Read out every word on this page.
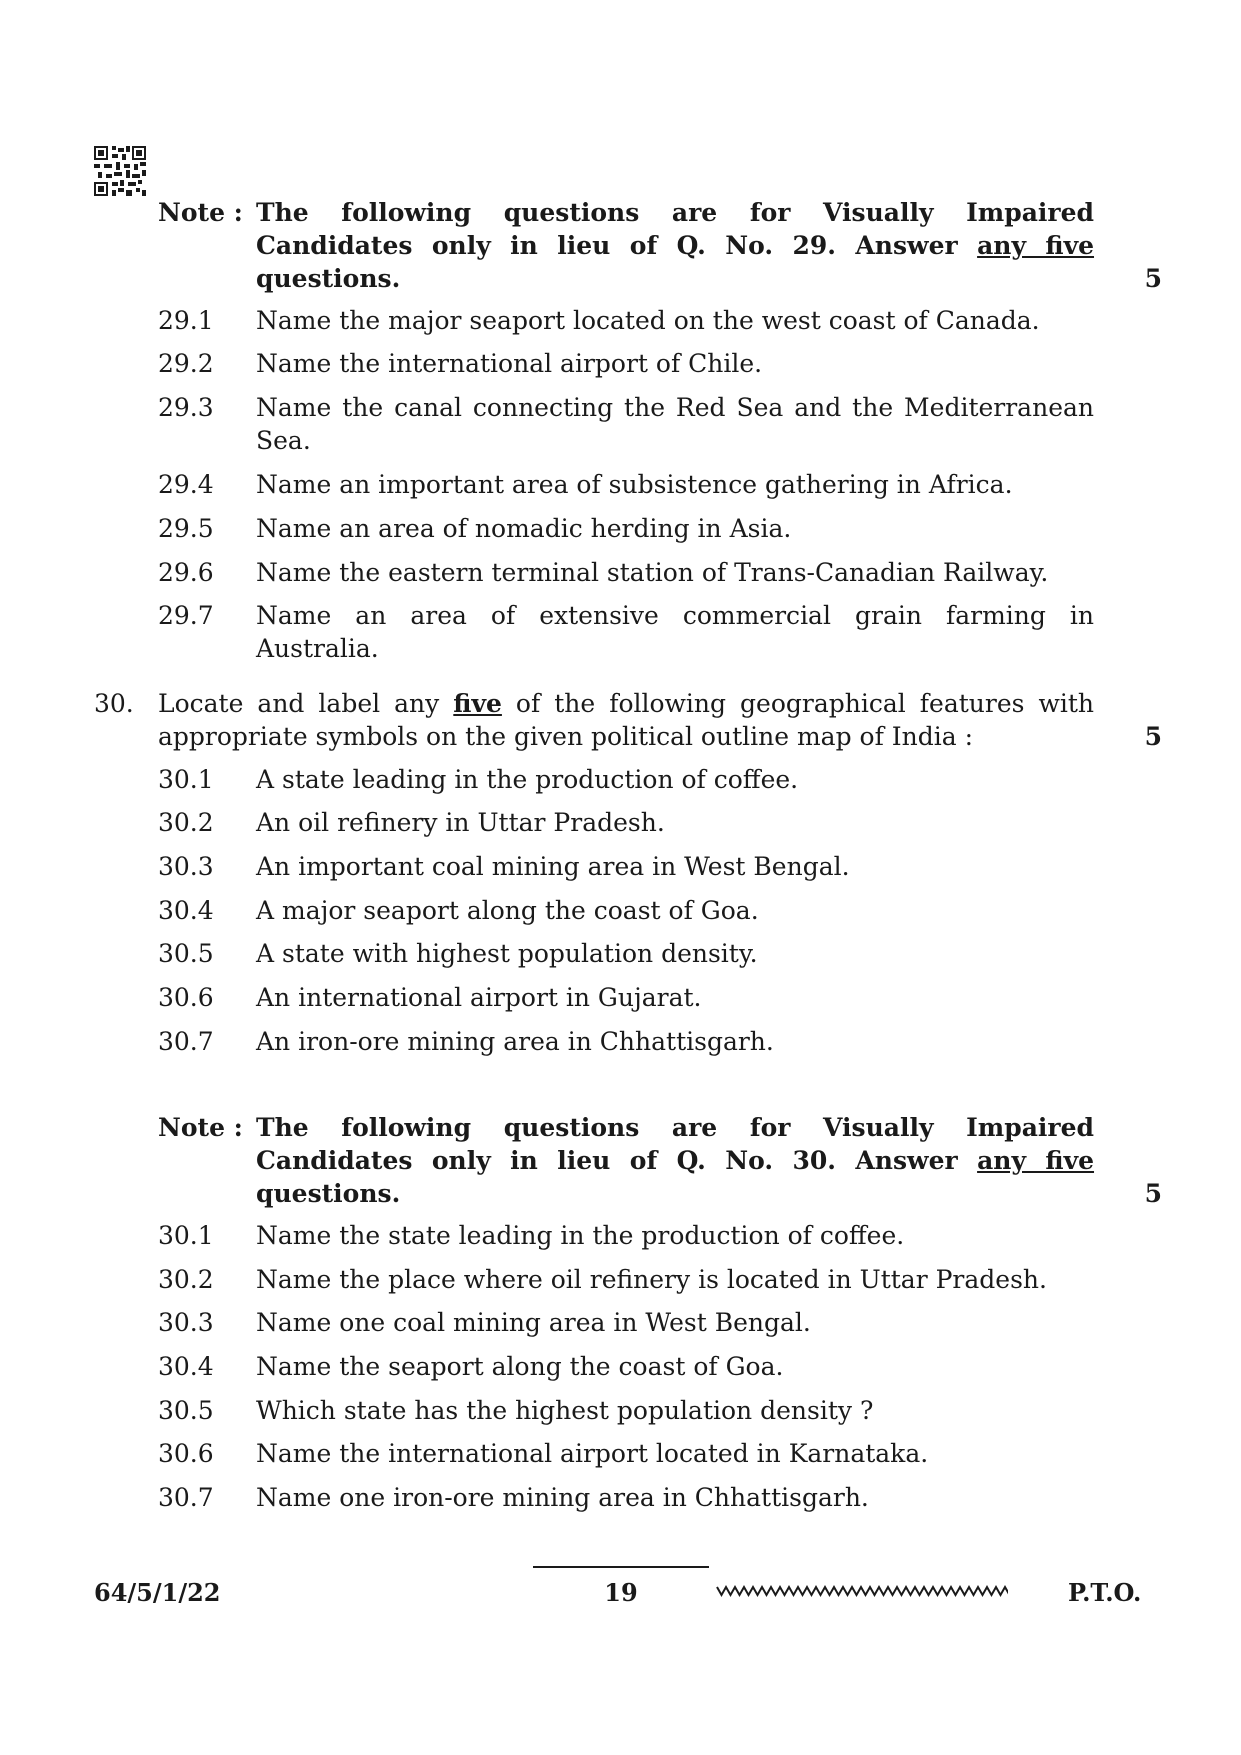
Note : The following questions are for Visually Impaired Candidates only in lieu of Q. No. 29. Answer any five questions.	5
29.1	Name the major seaport located on the west coast of Canada.
29.2	Name the international airport of Chile.
29.3	Name the canal connecting the Red Sea and the Mediterranean Sea.
29.4	Name an important area of subsistence gathering in Africa.
29.5	Name an area of nomadic herding in Asia.
29.6	Name the eastern terminal station of Trans-Canadian Railway.
29.7	Name an area of extensive commercial grain farming in Australia.
30. Locate and label any five of the following geographical features with appropriate symbols on the given political outline map of India :	5
30.1	A state leading in the production of coffee.
30.2	An oil refinery in Uttar Pradesh.
30.3	An important coal mining area in West Bengal.
30.4	A major seaport along the coast of Goa.
30.5	A state with highest population density.
30.6	An international airport in Gujarat.
30.7	An iron-ore mining area in Chhattisgarh.
Note : The following questions are for Visually Impaired Candidates only in lieu of Q. No. 30. Answer any five questions.	5
30.1	Name the state leading in the production of coffee.
30.2	Name the place where oil refinery is located in Uttar Pradesh.
30.3	Name one coal mining area in West Bengal.
30.4	Name the seaport along the coast of Goa.
30.5	Which state has the highest population density ?
30.6	Name the international airport located in Karnataka.
30.7	Name one iron-ore mining area in Chhattisgarh.
64/5/1/22	19	P.T.O.
